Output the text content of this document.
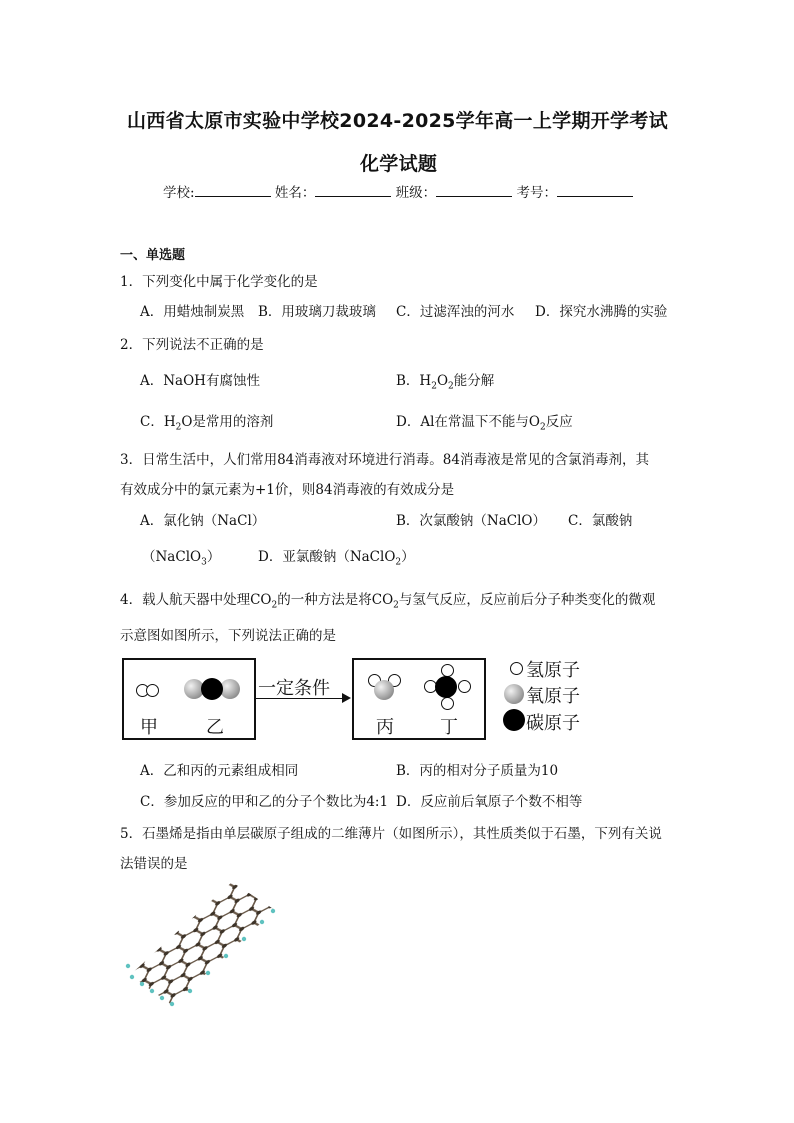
山西省太原市实验中学校2024-2025学年高一上学期开学考试
化学试题
学校:	姓名：	班级：	考号：
一、单选题
1．下列变化中属于化学变化的是
A．用蜡烛制炭黑 B．用玻璃刀裁玻璃 C．过滤浑浊的河水 D．探究水沸腾的实验
2．下列说法不正确的是
A．NaOH有腐蚀性	B．$H_2O_2$能分解
C．$H_2O$是常用的溶剂	D．Al在常温下不能与$O_2$反应
3．日常生活中，人们常用84消毒液对环境进行消毒。84消毒液是常见的含氯消毒剂，其
有效成分中的氯元素为+1价，则84消毒液的有效成分是
A．氯化钠（NaCl）	B．次氯酸钠（NaClO） C．氯酸钠
（NaClO$_3$）	D．亚氯酸钠（NaClO$_2$）
4．载人航天器中处理$CO_2$的一种方法是将$CO_2$与氢气反应，反应前后分子种类变化的微观
示意图如图所示，下列说法正确的是
甲	乙
一定条件
丙	丁
氢原子
氧原子
碳原子
A．乙和丙的元素组成相同	B．丙的相对分子质量为10
C．参加反应的甲和乙的分子个数比为4:1 D．反应前后氧原子个数不相等
5．石墨烯是指由单层碳原子组成的二维薄片（如图所示），其性质类似于石墨，下列有关说
法错误的是
